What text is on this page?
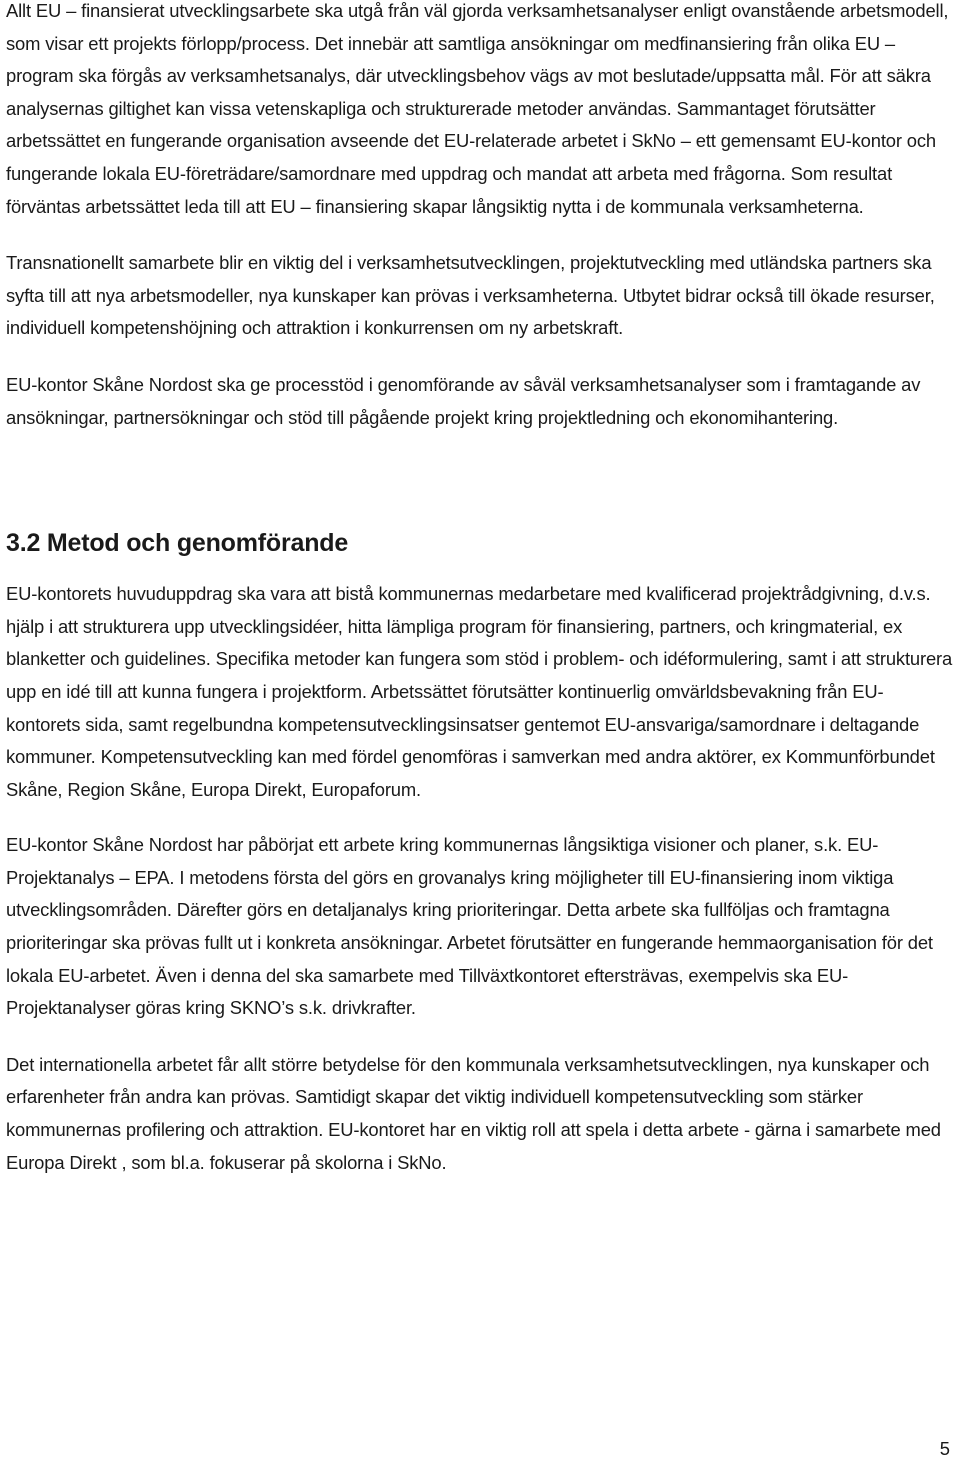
Allt EU – finansierat utvecklingsarbete ska utgå från väl gjorda verksamhetsanalyser enligt ovanstående arbetsmodell, som visar ett projekts förlopp/process. Det innebär att samtliga ansökningar om medfinansiering från olika EU – program ska förgås av verksamhetsanalys, där utvecklingsbehov vägs av mot beslutade/uppsatta mål. För att säkra analysernas giltighet kan vissa vetenskapliga och strukturerade metoder användas. Sammantaget förutsätter arbetssättet en fungerande organisation avseende det EU-relaterade arbetet i SkNo – ett gemensamt EU-kontor och fungerande lokala EU-företrädare/samordnare med uppdrag och mandat att arbeta med frågorna. Som resultat förväntas arbetssättet leda till att EU – finansiering skapar långsiktig nytta i de kommunala verksamheterna.

Transnationellt samarbete blir en viktig del i verksamhetsutvecklingen, projektutveckling med utländska partners ska syfta till att nya arbetsmodeller, nya kunskaper kan prövas i verksamheterna. Utbytet bidrar också till ökade resurser, individuell kompetenshöjning och attraktion i konkurrensen om ny arbetskraft.

EU-kontor Skåne Nordost ska ge processtöd i genomförande av såväl verksamhetsanalyser som i framtagande av ansökningar, partnersökningar och stöd till pågående projekt kring projektledning och ekonomihantering.

3.2 Metod och genomförande

EU-kontorets huvuduppdrag ska vara att bistå kommunernas medarbetare med kvalificerad projektrådgivning, d.v.s. hjälp i att strukturera upp utvecklingsidéer, hitta lämpliga program för finansiering, partners, och kringmaterial, ex blanketter och guidelines. Specifika metoder kan fungera som stöd i problem- och idéformulering, samt i att strukturera upp en idé till att kunna fungera i projektform. Arbetssättet förutsätter kontinuerlig omvärldsbevakning från EU-kontorets sida, samt regelbundna kompetensutvecklingsinsatser gentemot EU-ansvariga/samordnare i deltagande kommuner. Kompetensutveckling kan med fördel genomföras i samverkan med andra aktörer, ex Kommunförbundet Skåne, Region Skåne, Europa Direkt, Europaforum.

EU-kontor Skåne Nordost har påbörjat ett arbete kring kommunernas långsiktiga visioner och planer, s.k. EU-Projektanalys – EPA. I metodens första del görs en grovanalys kring möjligheter till EU-finansiering inom viktiga utvecklingsområden. Därefter görs en detaljanalys kring prioriteringar. Detta arbete ska fullföljas och framtagna prioriteringar ska prövas fullt ut i konkreta ansökningar. Arbetet förutsätter en fungerande hemmaorganisation för det lokala EU-arbetet. Även i denna del ska samarbete med Tillväxtkontoret eftersträvas, exempelvis ska EU-Projektanalyser göras kring SKNO’s s.k. drivkrafter.

Det internationella arbetet får allt större betydelse för den kommunala verksamhetsutvecklingen, nya kunskaper och erfarenheter från andra kan prövas. Samtidigt skapar det viktig individuell kompetensutveckling som stärker kommunernas profilering och attraktion. EU-kontoret har en viktig roll att spela i detta arbete - gärna i samarbete med Europa Direkt , som bl.a. fokuserar på skolorna i SkNo.

5
